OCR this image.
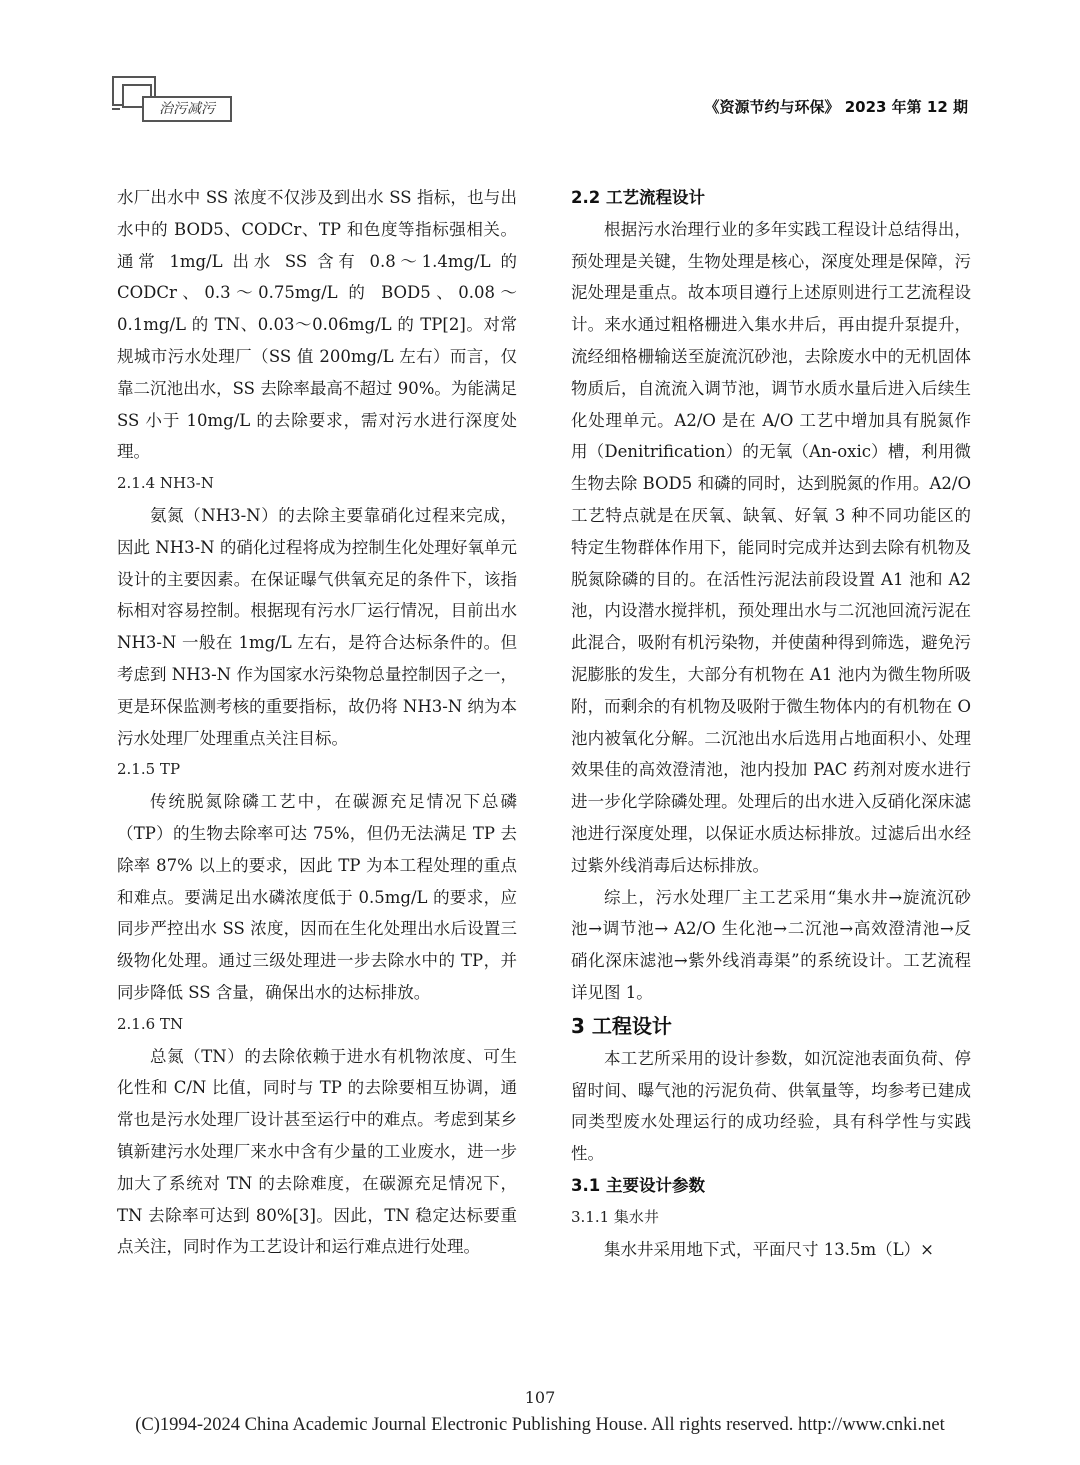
治污减污	《资源节约与环保》 2023 年第 12 期

水厂出水中 SS 浓度不仅涉及到出水 SS 指标，也与出水中的 BOD5、CODCr、TP 和色度等指标强相关。通常 1mg/L 出水 SS 含有 0.8～1.4mg/L 的 CODCr、0.3～0.75mg/L 的 BOD5、0.08～0.1mg/L 的 TN、0.03～0.06mg/L 的 TP[2]。对常规城市污水处理厂（SS 值 200mg/L 左右）而言，仅靠二沉池出水，SS 去除率最高不超过 90%。为能满足 SS 小于 10mg/L 的去除要求，需对污水进行深度处理。

2.1.4 NH3-N

氨氮（NH3-N）的去除主要靠硝化过程来完成，因此 NH3-N 的硝化过程将成为控制生化处理好氧单元设计的主要因素。在保证曝气供氧充足的条件下，该指标相对容易控制。根据现有污水厂运行情况，目前出水 NH3-N 一般在 1mg/L 左右，是符合达标条件的。但考虑到 NH3-N 作为国家水污染物总量控制因子之一，更是环保监测考核的重要指标，故仍将 NH3-N 纳为本污水处理厂处理重点关注目标。

2.1.5 TP

传统脱氮除磷工艺中，在碳源充足情况下总磷（TP）的生物去除率可达 75%，但仍无法满足 TP 去除率 87% 以上的要求，因此 TP 为本工程处理的重点和难点。要满足出水磷浓度低于 0.5mg/L 的要求，应同步严控出水 SS 浓度，因而在生化处理出水后设置三级物化处理。通过三级处理进一步去除水中的 TP，并同步降低 SS 含量，确保出水的达标排放。

2.1.6 TN

总氮（TN）的去除依赖于进水有机物浓度、可生化性和 C/N 比值，同时与 TP 的去除要相互协调，通常也是污水处理厂设计甚至运行中的难点。考虑到某乡镇新建污水处理厂来水中含有少量的工业废水，进一步加大了系统对 TN 的去除难度，在碳源充足情况下，TN 去除率可达到 80%[3]。因此，TN 稳定达标要重点关注，同时作为工艺设计和运行难点进行处理。

2.2 工艺流程设计

根据污水治理行业的多年实践工程设计总结得出，预处理是关键，生物处理是核心，深度处理是保障，污泥处理是重点。故本项目遵行上述原则进行工艺流程设计。来水通过粗格栅进入集水井后，再由提升泵提升，流经细格栅输送至旋流沉砂池，去除废水中的无机固体物质后，自流流入调节池，调节水质水量后进入后续生化处理单元。A2/O 是在 A/O 工艺中增加具有脱氮作用（Denitrification）的无氧（An-oxic）槽，利用微生物去除 BOD5 和磷的同时，达到脱氮的作用。A2/O 工艺特点就是在厌氧、缺氧、好氧 3 种不同功能区的特定生物群体作用下，能同时完成并达到去除有机物及脱氮除磷的目的。在活性污泥法前段设置 A1 池和 A2 池，内设潜水搅拌机，预处理出水与二沉池回流污泥在此混合，吸附有机污染物，并使菌种得到筛选，避免污泥膨胀的发生，大部分有机物在 A1 池内为微生物所吸附，而剩余的有机物及吸附于微生物体内的有机物在 O 池内被氧化分解。二沉池出水后选用占地面积小、处理效果佳的高效澄清池，池内投加 PAC 药剂对废水进行进一步化学除磷处理。处理后的出水进入反硝化深床滤池进行深度处理，以保证水质达标排放。过滤后出水经过紫外线消毒后达标排放。

综上，污水处理厂主工艺采用“集水井→旋流沉砂池→调节池→ A2/O 生化池→二沉池→高效澄清池→反硝化深床滤池→紫外线消毒渠”的系统设计。工艺流程详见图 1。

3 工程设计

本工艺所采用的设计参数，如沉淀池表面负荷、停留时间、曝气池的污泥负荷、供氧量等，均参考已建成同类型废水处理运行的成功经验，具有科学性与实践性。

3.1 主要设计参数

3.1.1 集水井

集水井采用地下式，平面尺寸 13.5m（L）×

107
(C)1994-2024 China Academic Journal Electronic Publishing House. All rights reserved. http://www.cnki.net
